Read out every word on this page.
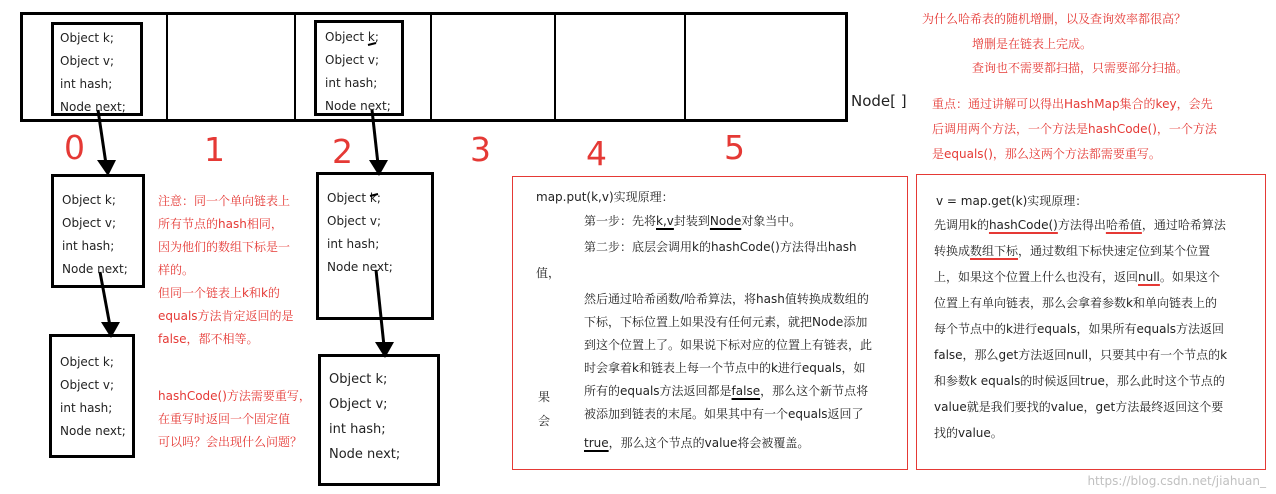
Node[ ]
Object k;
Object v;
int hash;
Node next;
Object k;
Object v;
int hash;
Node next;
0	1	2	3	4	5
Object k;
Object v;
int hash;
Node next;
Object k;
Object v;
int hash;
Node next;
Object k;
Object v;
int hash;
Node next;
Object k;
Object v;
int hash;
Node next;
为什么哈希表的随机增删，以及查询效率都很高？
增删是在链表上完成。
查询也不需要都扫描，只需要部分扫描。
重点：通过讲解可以得出HashMap集合的key，会先
后调用两个方法，一个方法是hashCode()，一个方法
是equals()，那么这两个方法都需要重写。
注意：同一个单向链表上
所有节点的hash相同，
因为他们的数组下标是一
样的。
但同一个链表上k和k的
equals方法肯定返回的是
false，都不相等。
hashCode()方法需要重写，
在重写时返回一个固定值
可以吗？会出现什么问题？
map.put(k,v)实现原理：
第一步：先将k,v封装到Node对象当中。
第二步：底层会调用k的hashCode()方法得出hash
值，
然后通过哈希函数/哈希算法，将hash值转换成数组的
下标，下标位置上如果没有任何元素，就把Node添加
到这个位置上了。如果说下标对应的位置上有链表，此
时会拿着k和链表上每一个节点中的k进行equals，如
所有的equals方法返回都是false，那么这个新节点将
被添加到链表的末尾。如果其中有一个equals返回了
true，那么这个节点的value将会被覆盖。
果
会
v = map.get(k)实现原理：
先调用k的hashCode()方法得出哈希值，通过哈希算法
转换成数组下标，通过数组下标快速定位到某个位置
上，如果这个位置上什么也没有，返回null。如果这个
位置上有单向链表，那么会拿着参数k和单向链表上的
每个节点中的k进行equals，如果所有equals方法返回
false，那么get方法返回null，只要其中有一个节点的k
和参数k equals的时候返回true，那么此时这个节点的
value就是我们要找的value，get方法最终返回这个要
找的value。
https://blog.csdn.net/jiahuan_
